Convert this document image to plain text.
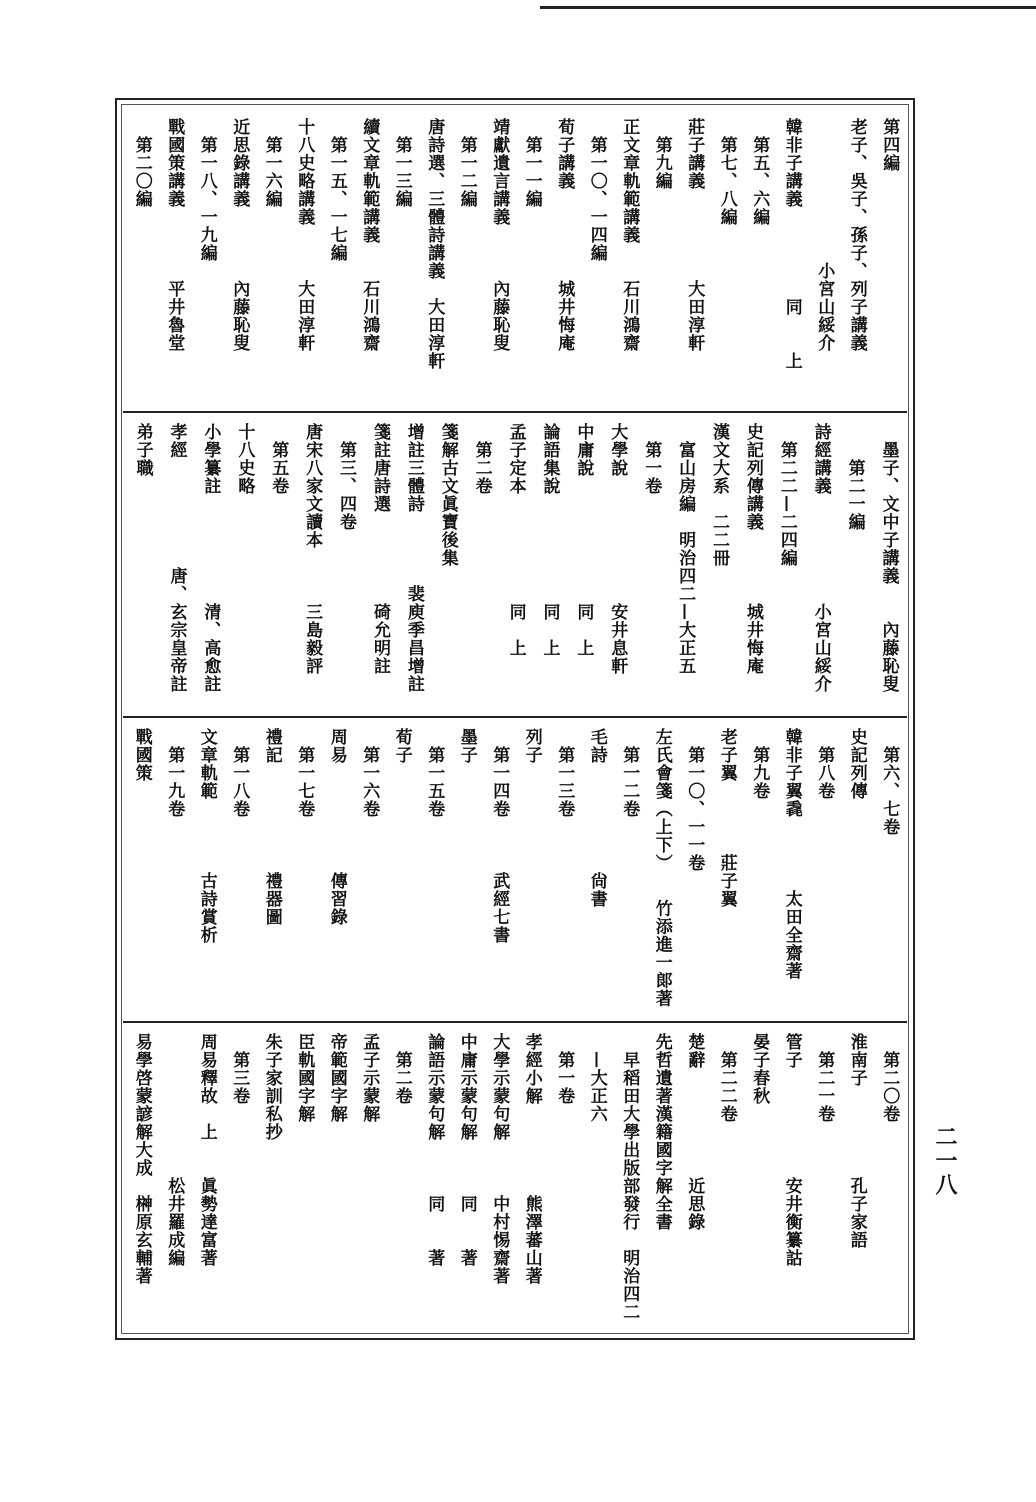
二一八
第四編
老子、吳子、孫子、列子講義
　　　　　　　　小宮山綏介
韓非子講義　　　　　同　　上
　第五、六編
　第七、八編
莊子講義　　　　　大田淳軒
　第九編
正文章軌範講義　　石川鴻齋
　第一〇、一四編
荀子講義　　　　　城井悔庵
　第一一編
靖獻遺言講義　　　內藤恥叟
　第一二編
唐詩選、三體詩講義　大田淳軒
　第一三編
續文章軌範講義　　石川鴻齋
　第一五、一七編
十八史略講義　　　大田淳軒
　第一六編
近思錄講義　　　　內藤恥叟
　第一八、一九編
戰國策講義　　　　平井魯堂
　第二〇編
　墨子、文中子講義　　內藤恥叟
　　第二一編
詩經講義　　　　　　小宮山綏介
　第二二—二四編
史記列傳講義　　　　城井悔庵
漢文大系　二二冊
　富山房編　明治四二—大正五
　第一卷
大學說　　　　　　　安井息軒
中庸說　　　　　　　同　上
論語集說　　　　　　同　上
孟子定本　　　　　　同　上
　第二卷
箋解古文眞寶後集
增註三體詩　　　　裴庾季昌增註
箋註唐詩選　　　　　碕允明註
　第三、四卷
唐宋八家文讀本　　　三島毅評
　第五卷
十八史略
小學纂註　　　　　　清、高愈註
孝經　　　　　　唐、玄宗皇帝註
弟子職
　第六、七卷
史記列傳
　第八卷
韓非子翼毳　　　　太田全齋著
　第九卷
老子翼　　　　莊子翼
　第一〇、一一卷
左氏會箋（上下）　　竹添進一郞著
　第一二卷
毛詩　　　　　　尙書
　第一三卷
列子
　第一四卷　　　武經七書
墨子
　第一五卷
荀子
　第一六卷
周易　　　　　　傳習錄
　第一七卷
禮記　　　　　　禮器圖
　第一八卷
文章軌範　　　　古詩賞析
　第一九卷
戰國策
　第二〇卷
淮南子　　　　　孔子家語
　第二一卷
管子　　　　　　安井衡纂詁
晏子春秋
　第二二卷
楚辭　　　　　　近思錄
先哲遺著漢籍國字解全書
　早稻田大學出版部發行　明治四二
　—大正六
　第一卷
孝經小解　　　　　熊澤蕃山著
大學示蒙句解　　　中村惕齋著
中庸示蒙句解　　　同　　著
論語示蒙句解　　　同　　著
　第二卷
孟子示蒙解
帝範國字解
臣軌國字解
朱子家訓私抄
　第三卷
周易釋故　上　　眞勢達富著
　　　　　　　　松井羅成編
易學啓蒙諺解大成　榊原玄輔著
